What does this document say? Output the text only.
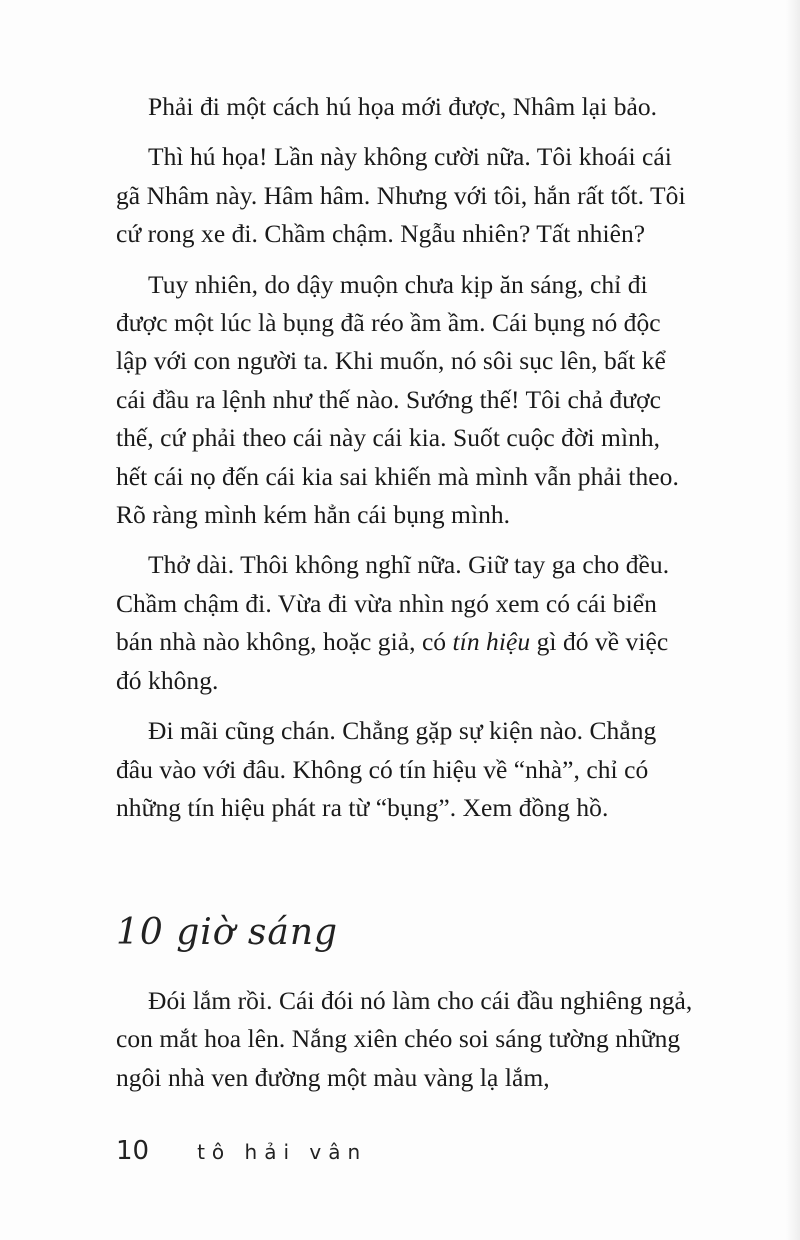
Phải đi một cách hú họa mới được, Nhâm lại bảo.

Thì hú họa! Lần này không cười nữa. Tôi khoái cái gã Nhâm này. Hâm hâm. Nhưng với tôi, hắn rất tốt. Tôi cứ rong xe đi. Chầm chậm. Ngẫu nhiên? Tất nhiên?

Tuy nhiên, do dậy muộn chưa kịp ăn sáng, chỉ đi được một lúc là bụng đã réo ầm ầm. Cái bụng nó độc lập với con người ta. Khi muốn, nó sôi sục lên, bất kể cái đầu ra lệnh như thế nào. Sướng thế! Tôi chả được thế, cứ phải theo cái này cái kia. Suốt cuộc đời mình, hết cái nọ đến cái kia sai khiến mà mình vẫn phải theo. Rõ ràng mình kém hẳn cái bụng mình.

Thở dài. Thôi không nghĩ nữa. Giữ tay ga cho đều. Chầm chậm đi. Vừa đi vừa nhìn ngó xem có cái biển bán nhà nào không, hoặc giả, có tín hiệu gì đó về việc đó không.

Đi mãi cũng chán. Chẳng gặp sự kiện nào. Chẳng đâu vào với đâu. Không có tín hiệu về “nhà”, chỉ có những tín hiệu phát ra từ “bụng”. Xem đồng hồ.

10 giờ sáng

Đói lắm rồi. Cái đói nó làm cho cái đầu nghiêng ngả, con mắt hoa lên. Nắng xiên chéo soi sáng tường những ngôi nhà ven đường một màu vàng lạ lắm,

10 tô hải vân
